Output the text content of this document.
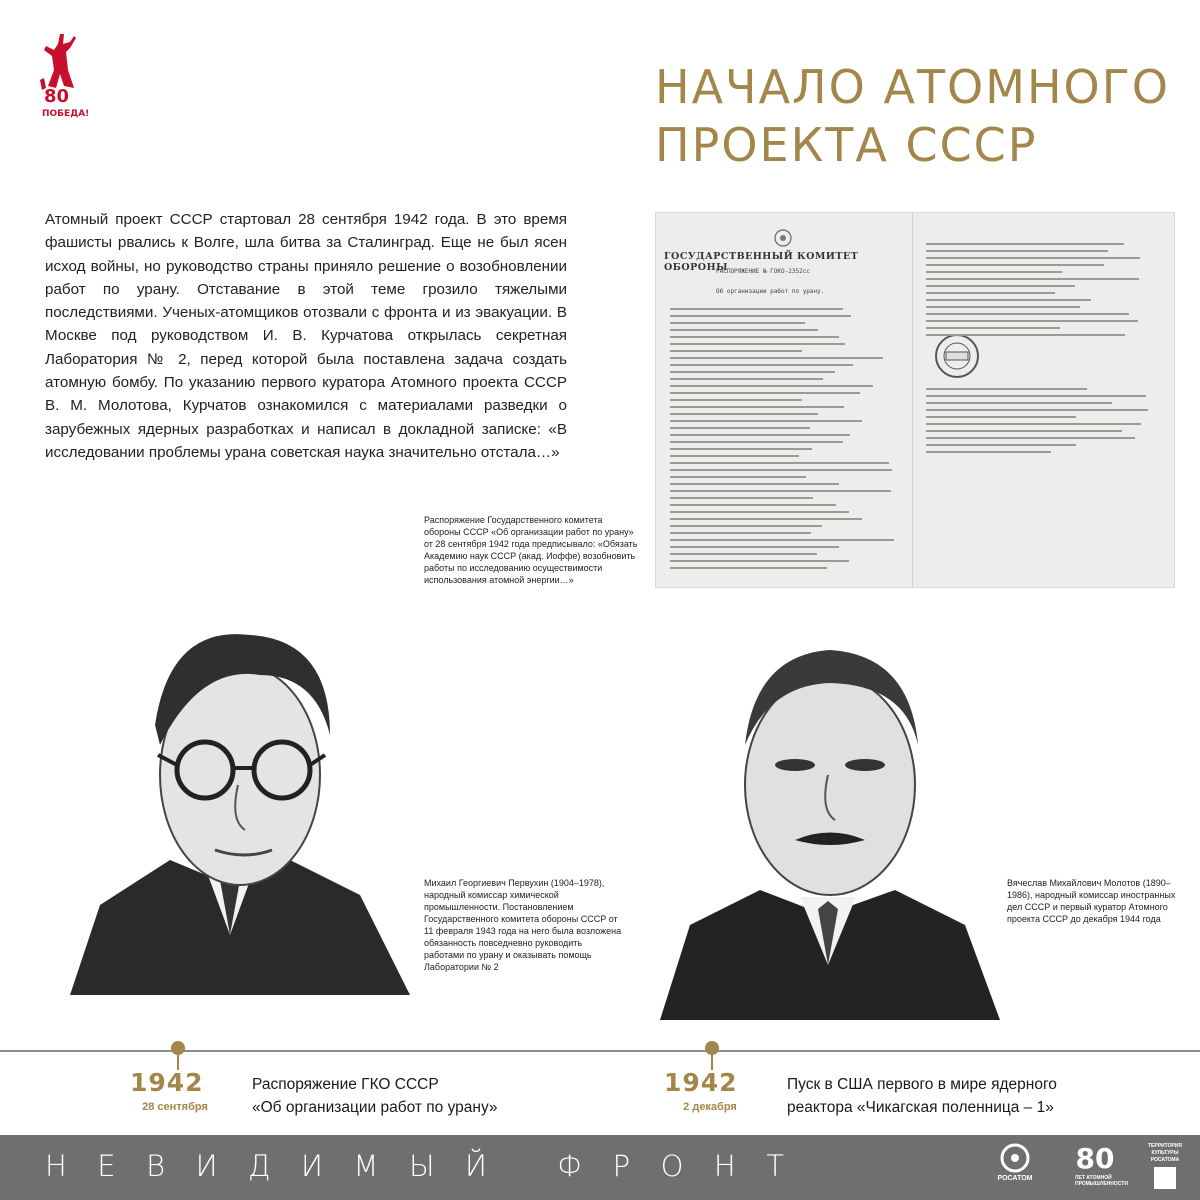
80
ПОБЕДА!	НАЧАЛО АТОМНОГО
ПРОЕКТА СССР

Атомный проект СССР стартовал 28 сентября 1942 года. В это время фашисты рвались к Волге, шла битва за Сталинград. Еще не был ясен исход войны, но руководство страны приняло решение о возобновлении работ по урану. Отставание в этой теме грозило тяжелыми последствиями. Ученых-атомщиков отозвали с фронта и из эвакуации. В Москве под руководством И. В. Курчатова открылась секретная Лаборатория № 2, перед которой была поставлена задача создать атомную бомбу. По указанию первого куратора Атомного проекта СССР В. М. Молотова, Курчатов ознакомился с материалами разведки о зарубежных ядерных разработках и написал в докладной записке: «В исследовании проблемы урана советская наука значительно отстала…»

ГОСУДАРСТВЕННЫЙ КОМИТЕТ ОБОРОНЫ
РАСПОРЯЖЕНИЕ № ГОКО-2352сс
Об организации работ по урану.
Распоряжение Государственного комитета обороны СССР «Об организации работ по урану» от 28 сентября 1942 года предписывало: «Обязать Академию наук СССР (акад. Иоффе) возобновить работы по исследованию осуществимости использования атомной энергии…»
Михаил Георгиевич Первухин (1904–1978), народный комиссар химической промышленности. Постановлением Государственного комитета обороны СССР от 11 февраля 1943 года на него была возложена обязанность повседневно руководить работами по урану и оказывать помощь Лаборатории № 2
Вячеслав Михайлович Молотов (1890–1986), народный комиссар иностранных дел СССР и первый куратор Атомного проекта СССР до декабря 1944 года
1942
28 сентября
Распоряжение ГКО СССР
«Об организации работ по урану»
1942
2 декабря
Пуск в США первого в мире ядерного
реактора «Чикагская поленница – 1»
НЕВИДИМЫЙ ФРОНТ	РОСАТОМ
80 ЛЕТ АТОМНОЙ ПРОМЫШЛЕННОСТИ
ТЕРРИТОРИЯ КУЛЬТУРЫ РОСАТОМА
